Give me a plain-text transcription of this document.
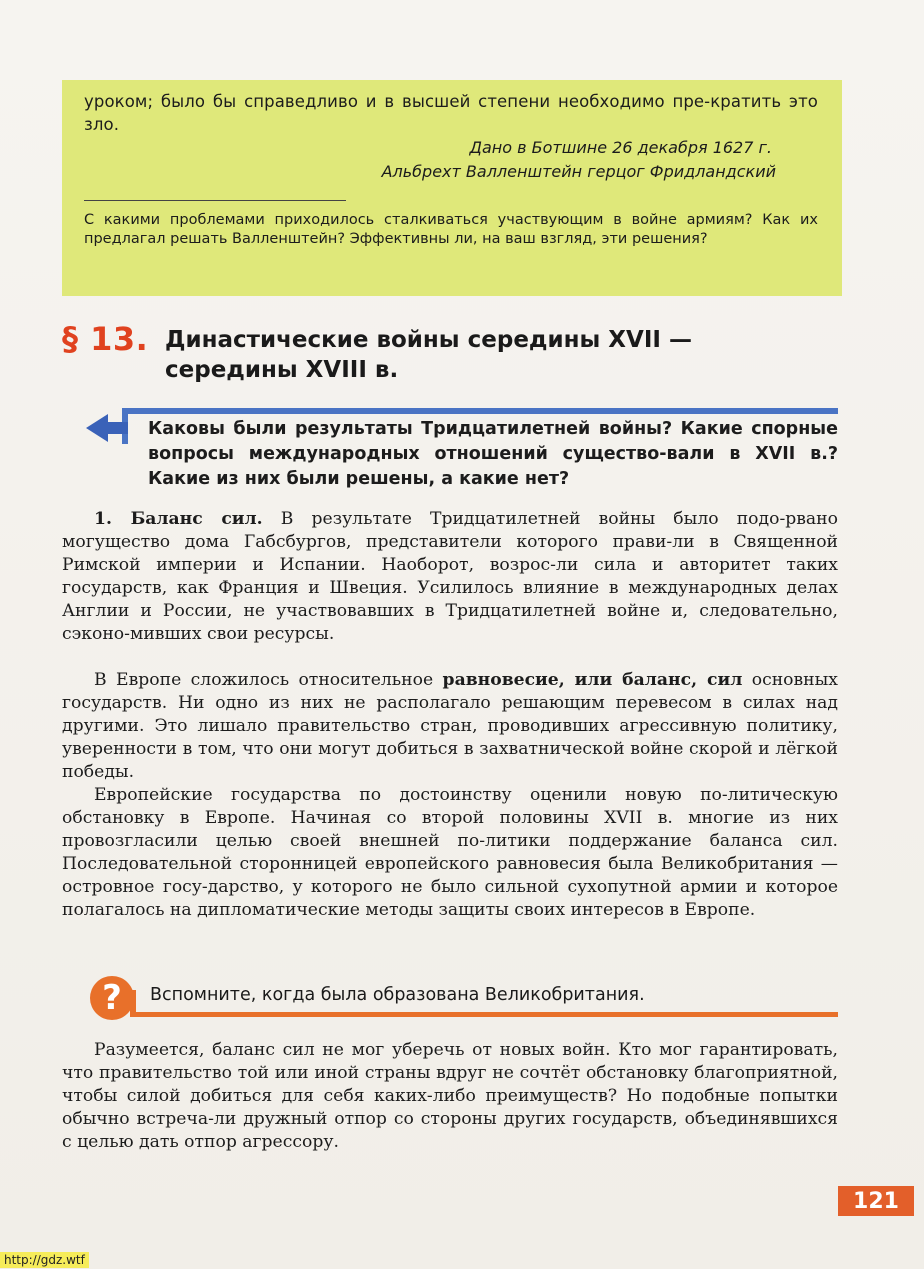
уроком; было бы справедливо и в высшей степени необходимо пре-кратить это зло.

Дано в Ботшине 26 декабря 1627 г.
Альбрехт Валленштейн герцог Фридландский

С какими проблемами приходилось сталкиваться участвующим в войне армиям? Как их предлагал решать Валленштейн? Эффективны ли, на ваш взгляд, эти решения?

§ 13. Династические войны середины XVII — середины XVIII в.

Каковы были результаты Тридцатилетней войны? Какие спорные вопросы международных отношений существо-вали в XVII в.? Какие из них были решены, а какие нет?

1. Баланс сил. В результате Тридцатилетней войны было подо-рвано могущество дома Габсбургов, представители которого прави-ли в Священной Римской империи и Испании. Наоборот, возрос-ли сила и авторитет таких государств, как Франция и Швеция. Усилилось влияние в международных делах Англии и России, не участвовавших в Тридцатилетней войне и, следовательно, сэконо-мивших свои ресурсы.

В Европе сложилось относительное равновесие, или баланс, сил основных государств. Ни одно из них не располагало решающим перевесом в силах над другими. Это лишало правительство стран, проводивших агрессивную политику, уверенности в том, что они могут добиться в захватнической войне скорой и лёгкой победы.

Европейские государства по достоинству оценили новую по-литическую обстановку в Европе. Начиная со второй половины XVII в. многие из них провозгласили целью своей внешней по-литики поддержание баланса сил. Последовательной сторонницей европейского равновесия была Великобритания — островное госу-дарство, у которого не было сильной сухопутной армии и которое полагалось на дипломатические методы защиты своих интересов в Европе.

?	Вспомните, когда была образована Великобритания.

Разумеется, баланс сил не мог уберечь от новых войн. Кто мог гарантировать, что правительство той или иной страны вдруг не сочтёт обстановку благоприятной, чтобы силой добиться для себя каких-либо преимуществ? Но подобные попытки обычно встреча-ли дружный отпор со стороны других государств, объединявшихся с целью дать отпор агрессору.

121
http://gdz.wtf
